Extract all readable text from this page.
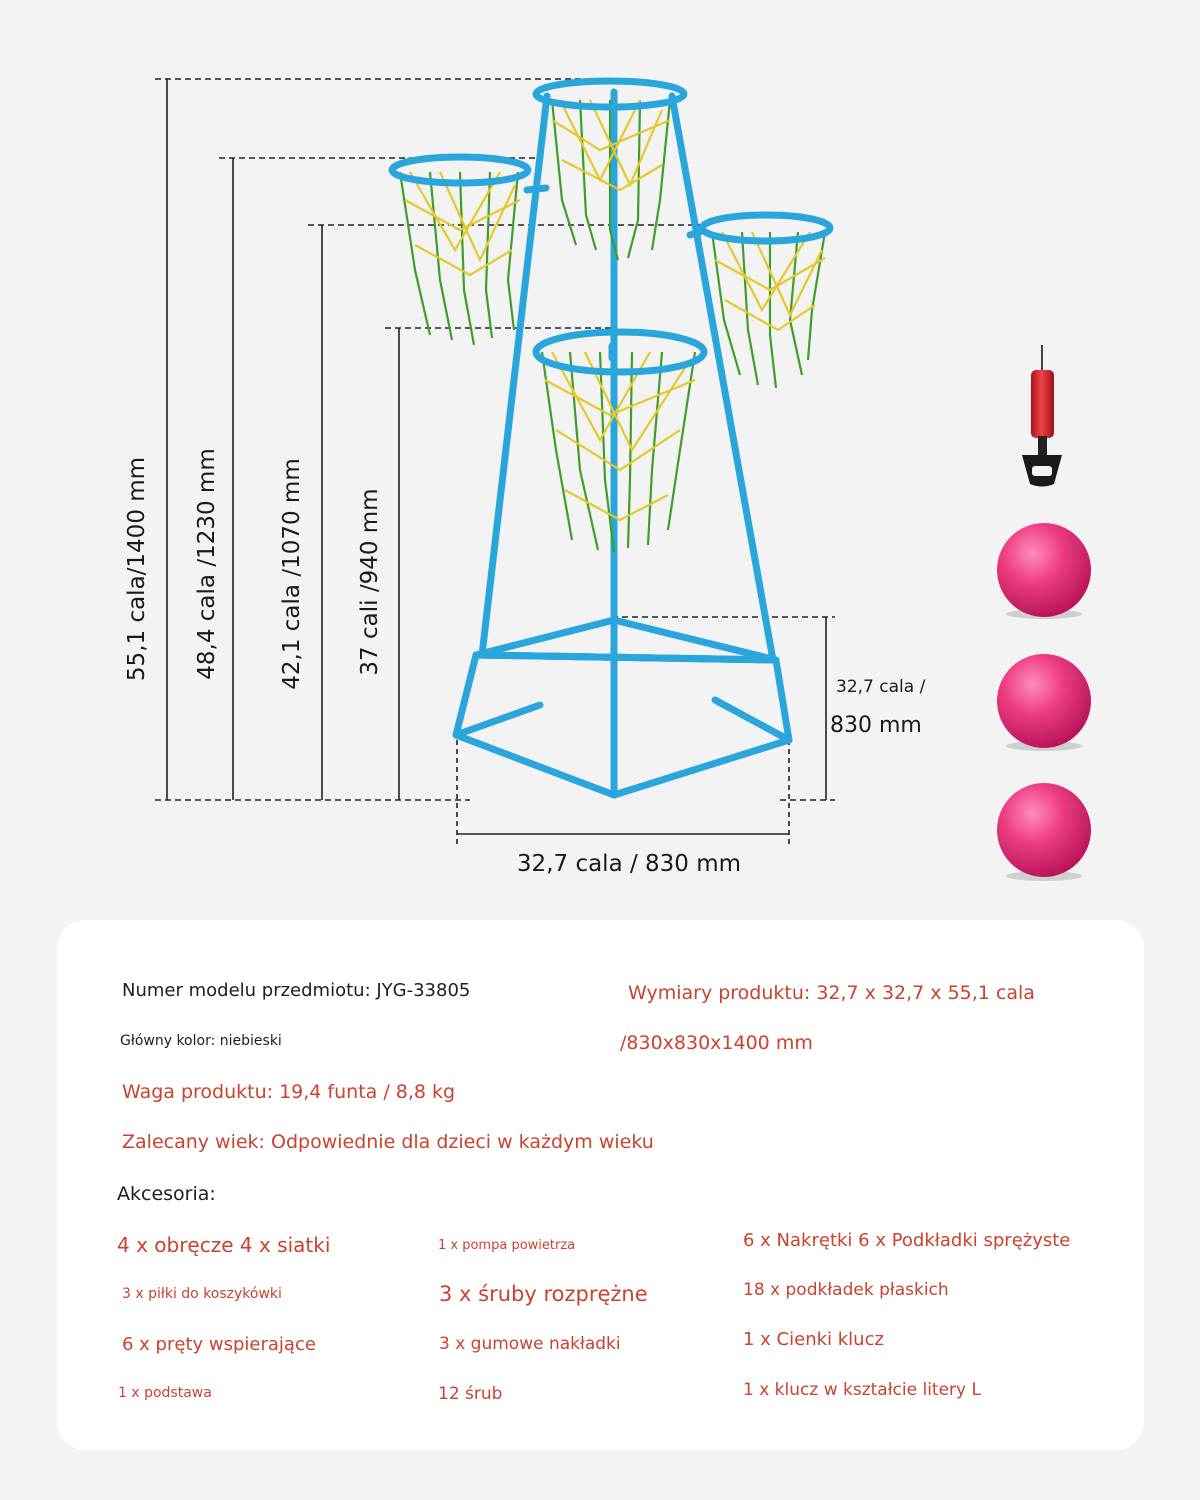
55,1 cala/1400 mm 48,4 cala /1230 mm	42,1 cala /1070 mm 37 cali /940 mm
32,7 cala /
830 mm
32,7 cala / 830 mm
Numer modelu przedmiotu: JYG-33805
Główny kolor: niebieski
Wymiary produktu: 32,7 x 32,7 x 55,1 cala
/830x830x1400 mm
Waga produktu: 19,4 funta / 8,8 kg
Zalecany wiek: Odpowiednie dla dzieci w każdym wieku
Akcesoria:
4 x obręcze 4 x siatki	1 x pompa powietrza	6 x Nakrętki 6 x Podkładki sprężyste
3 x piłki do koszykówki	3 x śruby rozprężne	18 x podkładek płaskich
6 x pręty wspierające	3 x gumowe nakładki	1 x Cienki klucz
1 x podstawa	12 śrub	1 x klucz w kształcie litery L
